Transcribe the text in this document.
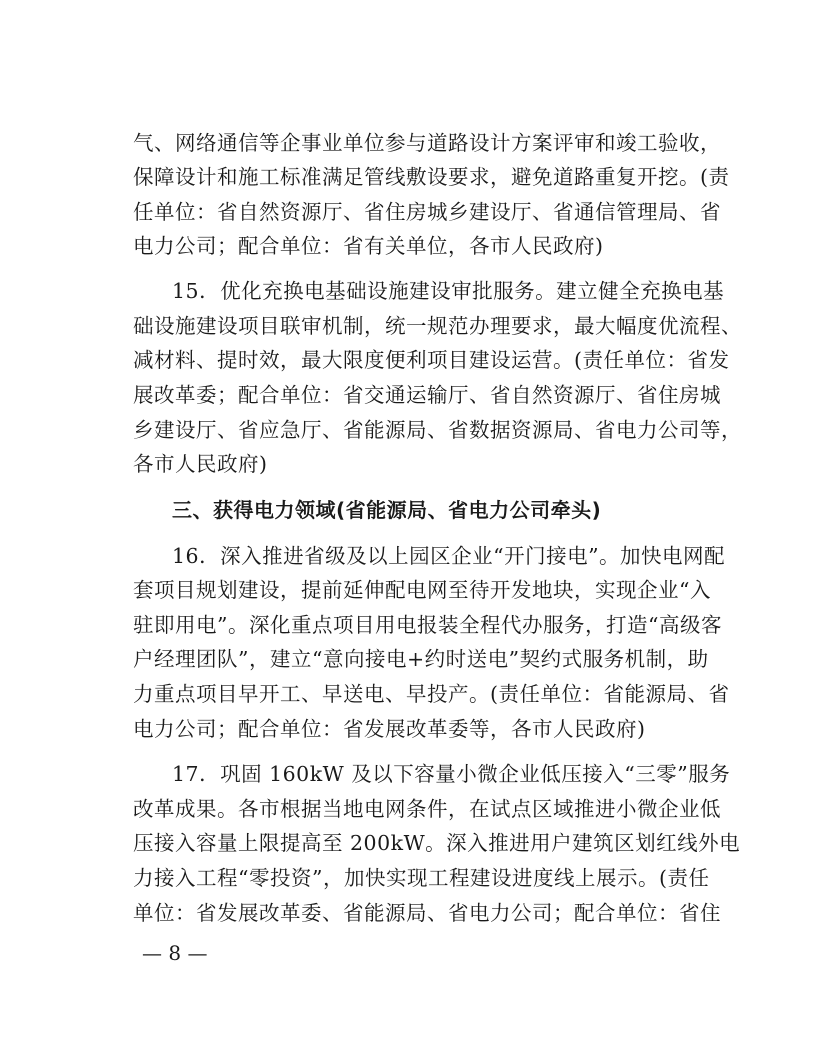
气、网络通信等企事业单位参与道路设计方案评审和竣工验收，
保障设计和施工标准满足管线敷设要求，避免道路重复开挖。(责
任单位：省自然资源厅、省住房城乡建设厅、省通信管理局、省
电力公司；配合单位：省有关单位，各市人民政府)
15．优化充换电基础设施建设审批服务。建立健全充换电基
础设施建设项目联审机制，统一规范办理要求，最大幅度优流程、
减材料、提时效，最大限度便利项目建设运营。(责任单位：省发
展改革委；配合单位：省交通运输厅、省自然资源厅、省住房城
乡建设厅、省应急厅、省能源局、省数据资源局、省电力公司等，
各市人民政府)
三、获得电力领域(省能源局、省电力公司牵头)
16．深入推进省级及以上园区企业“开门接电”。加快电网配
套项目规划建设，提前延伸配电网至待开发地块，实现企业“入
驻即用电”。深化重点项目用电报装全程代办服务，打造“高级客
户经理团队”，建立“意向接电+约时送电”契约式服务机制，助
力重点项目早开工、早送电、早投产。(责任单位：省能源局、省
电力公司；配合单位：省发展改革委等，各市人民政府)
17．巩固 160kW 及以下容量小微企业低压接入“三零”服务
改革成果。各市根据当地电网条件，在试点区域推进小微企业低
压接入容量上限提高至 200kW。深入推进用户建筑区划红线外电
力接入工程“零投资”，加快实现工程建设进度线上展示。(责任
单位：省发展改革委、省能源局、省电力公司；配合单位：省住
— 8 —
